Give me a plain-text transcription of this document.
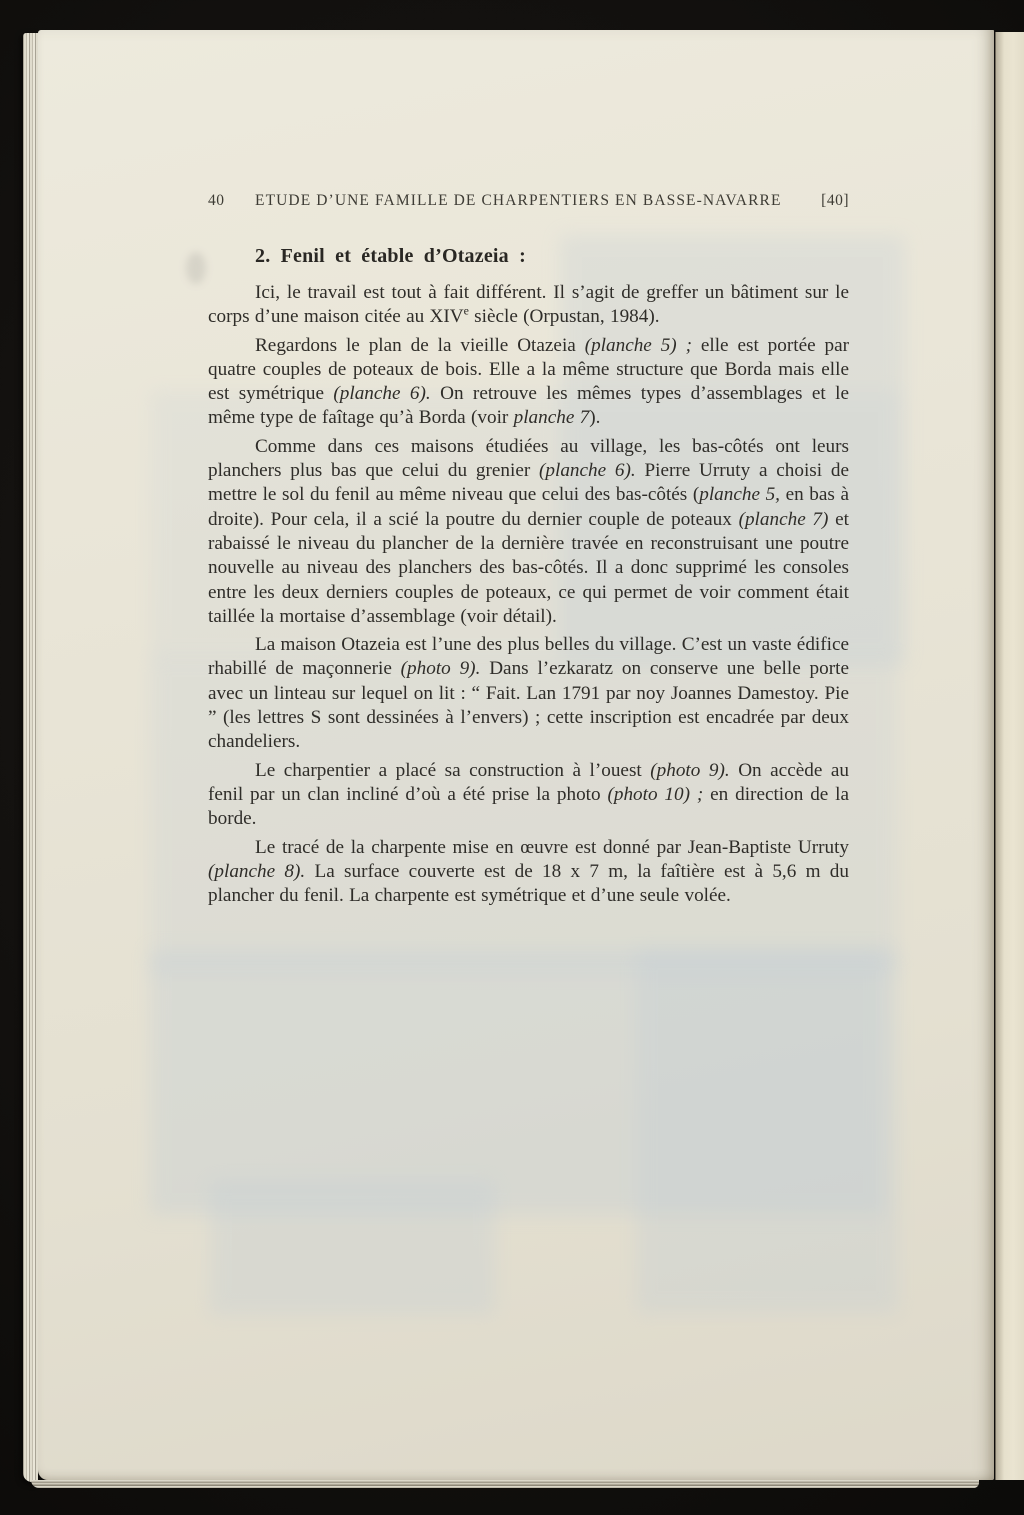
40	ETUDE D’UNE FAMILLE DE CHARPENTIERS EN BASSE-NAVARRE	[40]
2. Fenil et étable d’Otazeia :

Ici, le travail est tout à fait différent. Il s’agit de greffer un bâtiment sur le corps d’une maison citée au XIVe siècle (Orpustan, 1984).

Regardons le plan de la vieille Otazeia (planche 5) ; elle est portée par quatre couples de poteaux de bois. Elle a la même structure que Borda mais elle est symétrique (planche 6). On retrouve les mêmes types d’assemblages et le même type de faîtage qu’à Borda (voir planche 7).

Comme dans ces maisons étudiées au village, les bas-côtés ont leurs planchers plus bas que celui du grenier (planche 6). Pierre Urruty a choisi de mettre le sol du fenil au même niveau que celui des bas-côtés (planche 5, en bas à droite). Pour cela, il a scié la poutre du dernier couple de poteaux (planche 7) et rabaissé le niveau du plancher de la dernière travée en reconstruisant une poutre nouvelle au niveau des planchers des bas-côtés. Il a donc supprimé les consoles entre les deux derniers couples de poteaux, ce qui permet de voir comment était taillée la mortaise d’assemblage (voir détail).

La maison Otazeia est l’une des plus belles du village. C’est un vaste édifice rhabillé de maçonnerie (photo 9). Dans l’ezkaratz on conserve une belle porte avec un linteau sur lequel on lit : “ Fait. Lan 1791 par noy Joannes Damestoy. Pie ” (les lettres S sont dessinées à l’envers) ; cette inscription est encadrée par deux chandeliers.

Le charpentier a placé sa construction à l’ouest (photo 9). On accède au fenil par un clan incliné d’où a été prise la photo (photo 10) ; en direction de la borde.

Le tracé de la charpente mise en œuvre est donné par Jean-Baptiste Urruty (planche 8). La surface couverte est de 18 x 7 m, la faîtière est à 5,6 m du plancher du fenil. La charpente est symétrique et d’une seule volée.
